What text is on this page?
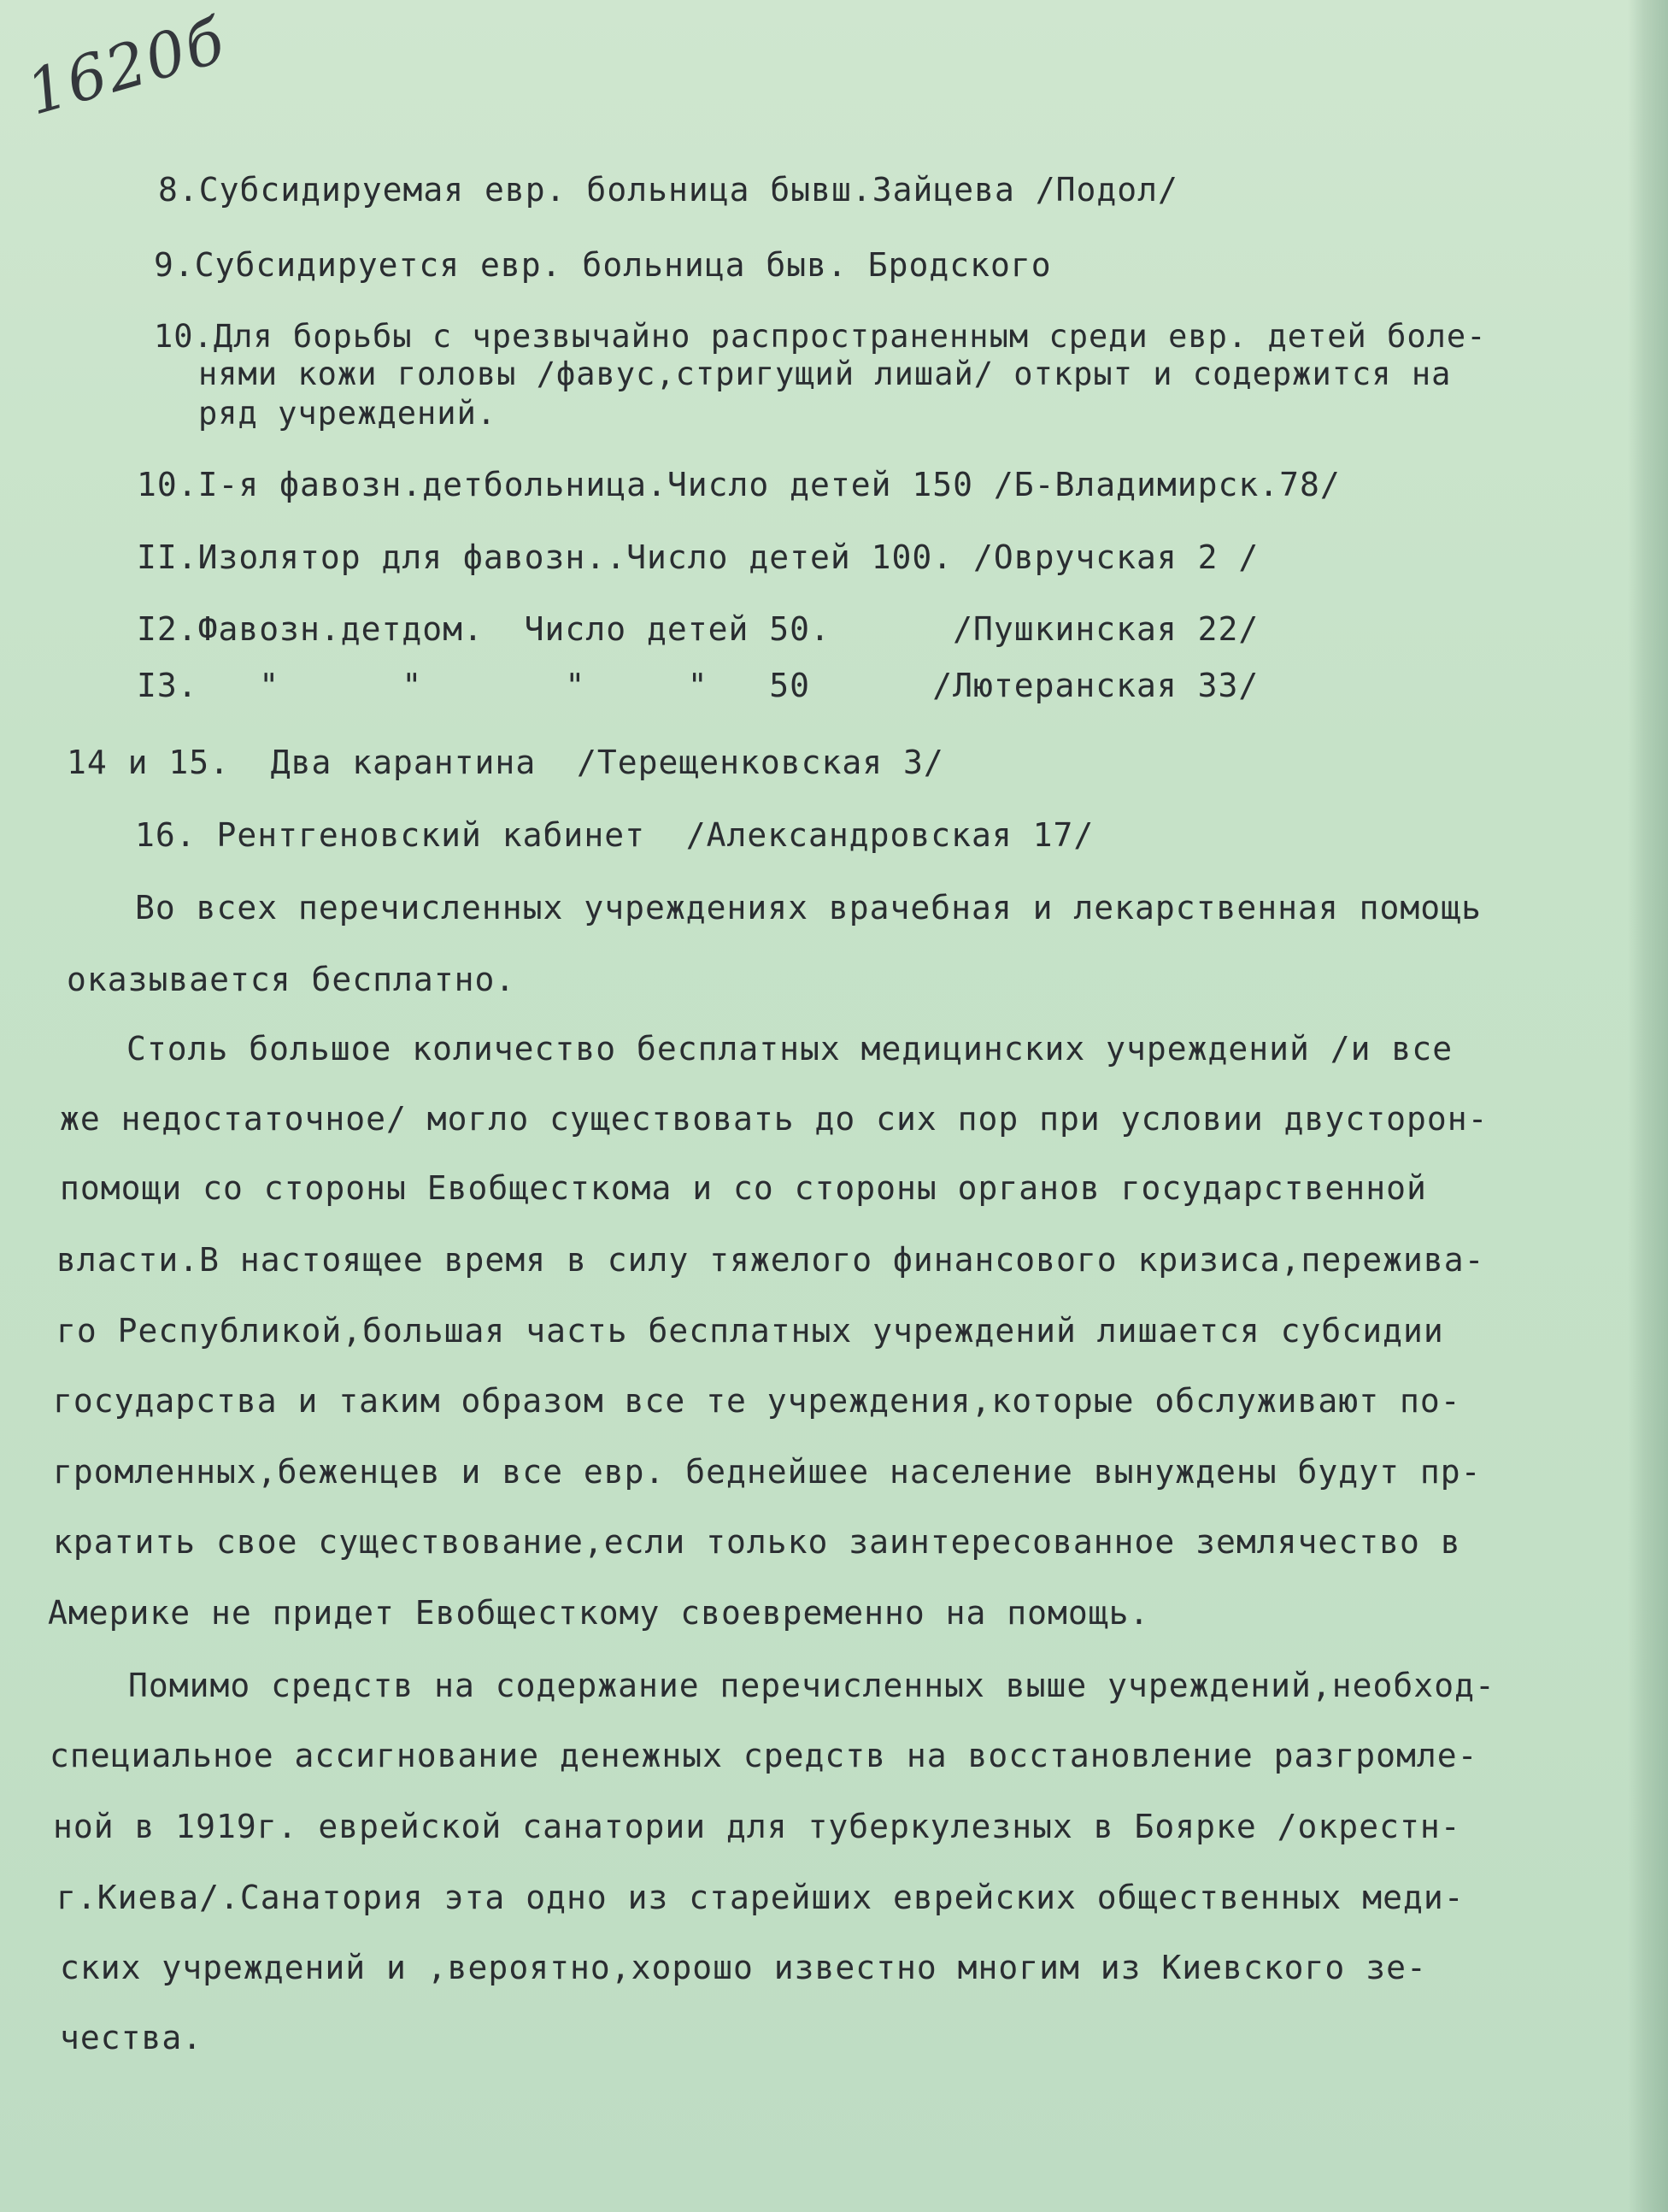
1620б
8.Субсидируемая евр. больница бывш.Зайцева /Подол/
9.Субсидируется евр. больница быв. Бродского
10.Для борьбы с чрезвычайно распространенным среди евр. детей боле-
нями кожи головы /фавус,стригущий лишай/ открыт и содержится на
ряд учреждений.
10.I-я фавозн.детбольница.Число детей 150 /Б-Владимирск.78/
II.Изолятор для фавозн..Число детей 100. /Овручская 2 /
I2.Фавозн.детдом.  Число детей 50.      /Пушкинская 22/
I3.   "      "       "     "   50      /Лютеранская 33/
14 и 15.  Два карантина  /Терещенковская 3/
16. Рентгеновский кабинет  /Александровская 17/
Во всех перечисленных учреждениях врачебная и лекарственная помощь
оказывается бесплатно.
Столь большое количество бесплатных медицинских учреждений /и все
же недостаточное/ могло существовать до сих пор при условии двусторон-
помощи со стороны Евобщесткома и со стороны органов государственной
власти.В настоящее время в силу тяжелого финансового кризиса,пережива-
го Республикой,большая часть бесплатных учреждений лишается субсидии
государства и таким образом все те учреждения,которые обслуживают по-
громленных,беженцев и все евр. беднейшее население вынуждены будут пр-
кратить свое существование,если только заинтересованное землячество в
Америке не придет Евобщесткому своевременно на помощь.
Помимо средств на содержание перечисленных выше учреждений,необход-
специальное ассигнование денежных средств на восстановление разгромле-
ной в 1919г. еврейской санатории для туберкулезных в Боярке /окрестн-
г.Киева/.Санатория эта одно из старейших еврейских общественных меди-
ских учреждений и ,вероятно,хорошо известно многим из Киевского зе-
чества.
